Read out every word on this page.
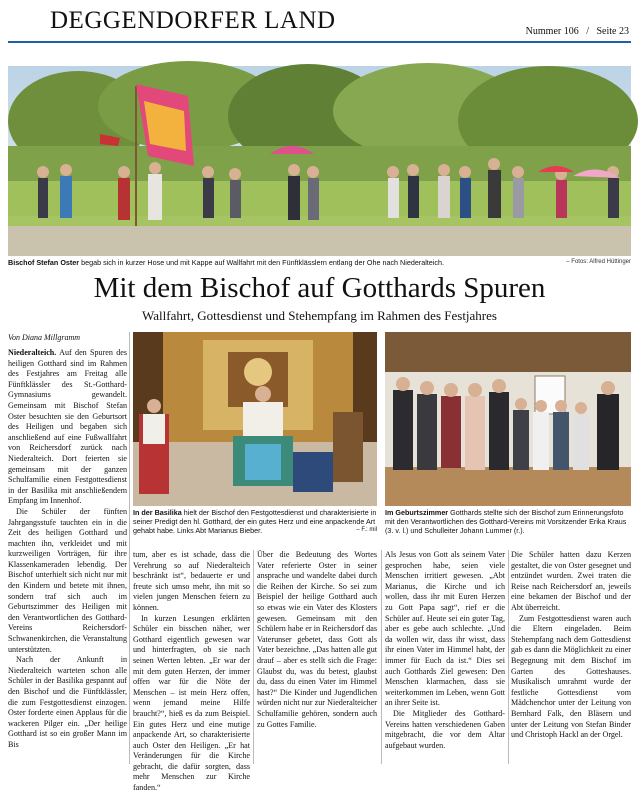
DEGGENDORFER LAND	Nummer 106   /   Seite 23
Bischof Stefan Oster begab sich in kurzer Hose und mit Kappe auf Wallfahrt mit den Fünftklässlern entlang der Ohe nach Niederalteich.	– Fotos: Alfred Hüttinger
Mit dem Bischof auf Gotthards Spuren
Wallfahrt, Gottesdienst und Stehempfang im Rahmen des Festjahres
Von Diana Millgramm

Niederalteich. Auf den Spuren des heiligen Gotthard sind im Rahmen des Festjahres am Freitag alle Fünftklässler des St.-Gotthard-Gymnasiums gewandelt. Gemeinsam mit Bischof Stefan Oster besuchten sie den Geburtsort des Heiligen und begaben sich anschließend auf eine Fußwallfahrt von Reichersdorf zurück nach Niederalteich. Dort feierten sie gemeinsam mit der ganzen Schulfamilie einen Festgottesdienst in der Basilika mit anschließendem Empfang im Innenhof.

Die Schüler der fünften Jahrgangsstufe tauchten ein in die Zeit des heiligen Gotthard und machten ihn, verkleidet und mit kurzweiligen Vorträgen, für ihre Klassenkameraden lebendig. Der Bischof unterhielt sich nicht nur mit den Kindern und betete mit ihnen, sondern traf sich auch im Geburtszimmer des Heiligen mit den Verantwortlichen des Gotthard-Vereins Reichersdorf-Schwanenkirchen, die Veranstaltung unterstützten.

Nach der Ankunft in Niederalteich warteten schon alle Schüler in der Basilika gespannt auf den Bischof und die Fünftklässler, die zum Festgottesdienst einzogen. Oster forderte einen Applaus für die wackeren Pilger ein. „Der heilige Gotthard ist so ein großer Mann im Bis

In der Basilika hielt der Bischof den Festgottesdienst und charakterisierte in seiner Predigt den hl. Gotthard, der ein gutes Herz und eine anpackende Art gehabt habe. Links Abt Marianus Bieber.	– F.: mil
Im Geburtszimmer Gotthards stellte sich der Bischof zum Erinnerungsfoto mit den Verantwortlichen des Gotthard-Vereins mit Vorsitzender Erika Kraus (3. v. l.) und Schulleiter Johann Lummer (r.).

tum, aber es ist schade, dass die Verehrung so auf Niederalteich beschränkt ist“, bedauerte er und freute sich umso mehr, ihn mit so vielen jungen Menschen feiern zu können.

In kurzen Lesungen erklärten Schüler ein bisschen näher, wer Gotthard eigentlich gewesen war und hinterfragten, ob sie nach seinen Werten lebten. „Er war der mit dem guten Herzen, der immer offen war für die Nöte der Menschen – ist mein Herz offen, wenn jemand meine Hilfe braucht?“, hieß es da zum Beispiel. Ein gutes Herz und eine mutige anpackende Art, so charakterisierte auch Oster den Heiligen. „Er hat Veränderungen für die Kirche gebracht, die dafür sorgten, dass mehr Menschen zur Kirche fanden.“

Über die Bedeutung des Wortes Vater referierte Oster in seiner ansprache und wandelte dabei durch die Reihen der Kirche. So sei zum Beispiel der heilige Gotthard auch so etwas wie ein Vater des Klosters gewesen. Gemeinsam mit den Schülern habe er in Reichersdorf das Vaterunser gebetet, dass Gott als Vater bezeichne. „Das hatten alle gut drauf – aber es stellt sich die Frage: Glaubst du, was du betest, glaubst du, dass du einen Vater im Himmel hast?“ Die Kinder und Jugendlichen würden nicht nur zur Niederalteicher Schulfamilie gehören, sondern auch zu Gottes Familie.

Als Jesus von Gott als seinem Vater gesprochen habe, seien viele Menschen irritiert gewesen. „Abt Marianus, die Kirche und ich wollen, dass ihr mit Euren Herzen zu Gott Papa sagt“, rief er die Schüler auf. Heute sei ein guter Tag, aber es gebe auch schlechte. „Und da wollen wir, dass ihr wisst, dass ihr einen Vater im Himmel habt, der immer für Euch da ist.“ Dies sei auch Gotthards Ziel gewesen: Den Menschen klarmachen, dass sie weiterkommen im Leben, wenn Gott an ihrer Seite ist.

Die Mitglieder des Gotthard-Vereins hatten verschiedenen Gaben mitgebracht, die vor dem Altar aufgebaut wurden.

Die Schüler hatten dazu Kerzen gestaltet, die von Oster gesegnet und entzündet wurden. Zwei traten die Reise nach Reichersdorf an, jeweils eine bekamen der Bischof und der Abt überreicht.

Zum Festgottesdienst waren auch die Eltern eingeladen. Beim Stehempfang nach dem Gottesdienst gab es dann die Möglichkeit zu einer Begegnung mit dem Bischof im Garten des Gotteshauses. Musikalisch umrahmt wurde der festliche Gottesdienst vom Mädchenchor unter der Leitung von Bernhard Falk, den Bläsern und unter der Leitung von Stefan Binder und Christoph Hackl an der Orgel.
